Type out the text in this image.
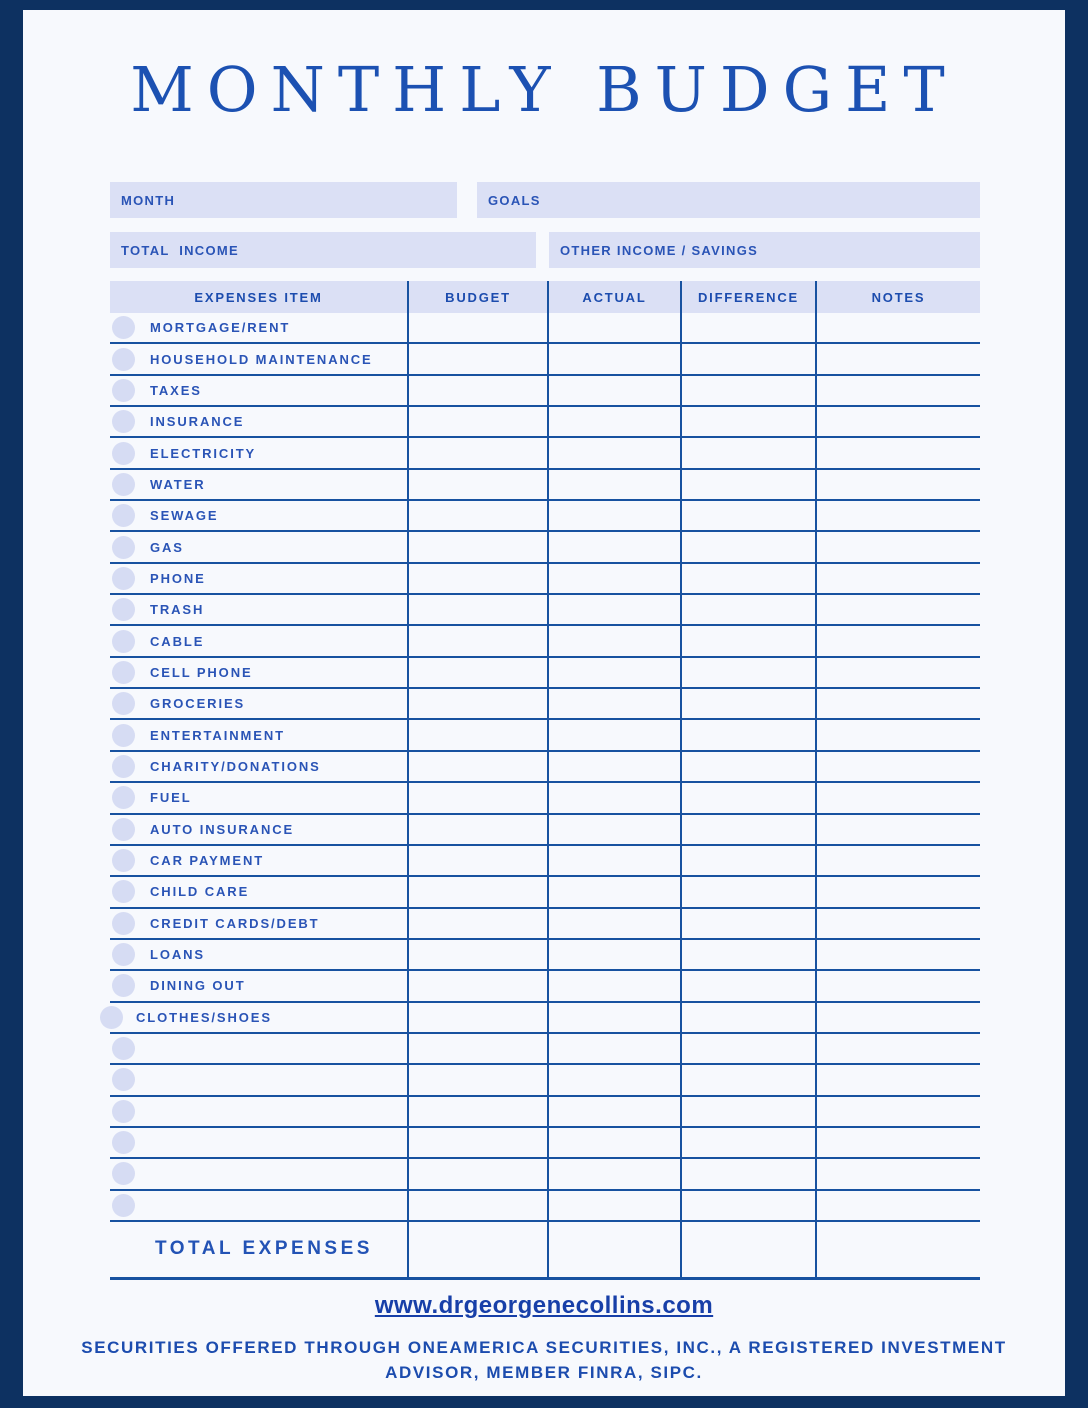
MONTHLY BUDGET
MONTH	GOALS
TOTAL  INCOME	OTHER INCOME / SAVINGS
EXPENSES ITEM	BUDGET	ACTUAL	DIFFERENCE	NOTES
MORTGAGE/RENT
HOUSEHOLD MAINTENANCE
TAXES
INSURANCE
ELECTRICITY
WATER
SEWAGE
GAS
PHONE
TRASH
CABLE
CELL PHONE
GROCERIES
ENTERTAINMENT
CHARITY/DONATIONS
FUEL
AUTO INSURANCE
CAR PAYMENT
CHILD CARE
CREDIT CARDS/DEBT
LOANS
DINING OUT
CLOTHES/SHOES
TOTAL EXPENSES
www.drgeorgenecollins.com
SECURITIES OFFERED THROUGH ONEAMERICA SECURITIES, INC., A REGISTERED INVESTMENT
ADVISOR, MEMBER FINRA, SIPC.
